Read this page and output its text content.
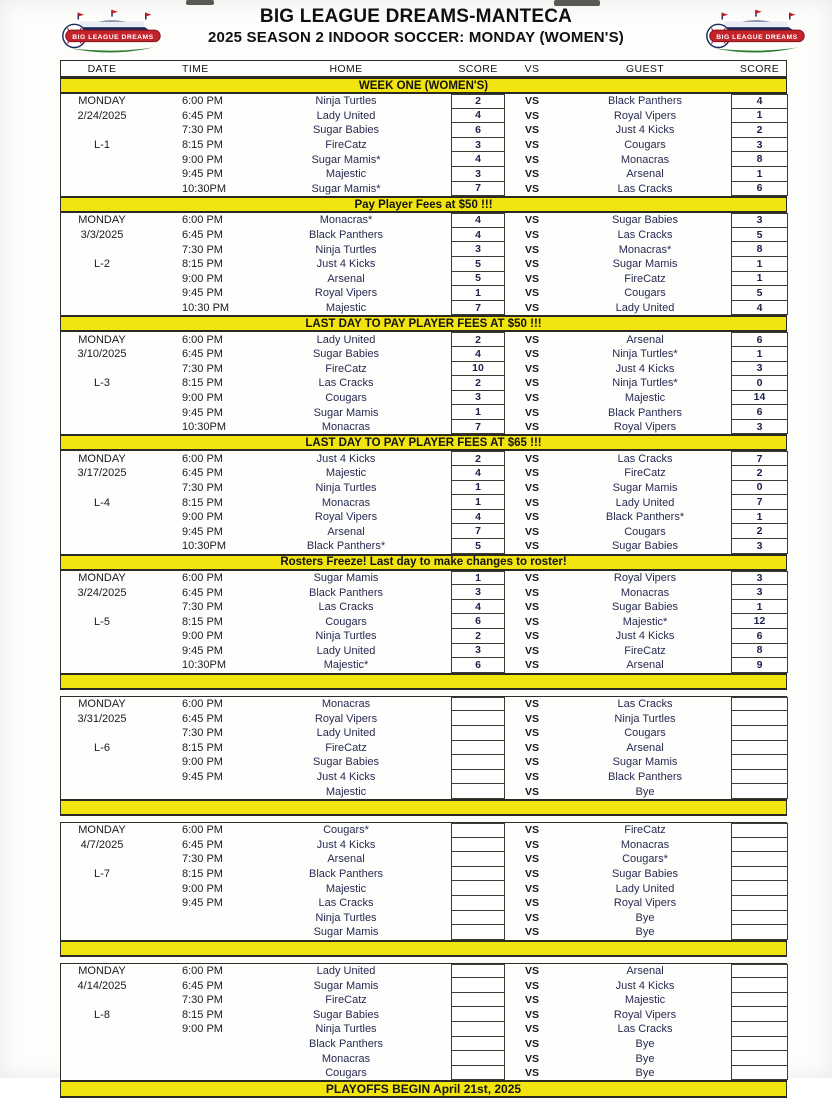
BIG LEAGUE DREAMS
BIG LEAGUE DREAMS-MANTECA
2025 SEASON 2 INDOOR SOCCER: MONDAY (WOMEN'S)	BIG LEAGUE DREAMS
DATE	TIME	HOME	SCORE	VS	GUEST	SCORE
WEEK ONE (WOMEN'S)
MONDAY	6:00 PM	Ninja Turtles	2	VS	Black Panthers	4
2/24/2025	6:45 PM	Lady United	4	VS	Royal Vipers	1
7:30 PM	Sugar Babies	6	VS	Just 4 Kicks	2
L-1	8:15 PM	FireCatz	3	VS	Cougars	3
9:00 PM	Sugar Mamis*	4	VS	Monacras	8
9:45 PM	Majestic	3	VS	Arsenal	1
10:30PM	Sugar Mamis*	7	VS	Las Cracks	6
Pay Player Fees at $50 !!!
MONDAY	6:00 PM	Monacras*	4	VS	Sugar Babies	3
3/3/2025	6:45 PM	Black Panthers	4	VS	Las Cracks	5
7:30 PM	Ninja Turtles	3	VS	Monacras*	8
L-2	8:15 PM	Just 4 Kicks	5	VS	Sugar Mamis	1
9:00 PM	Arsenal	5	VS	FireCatz	1
9:45 PM	Royal Vipers	1	VS	Cougars	5
10:30 PM	Majestic	7	VS	Lady United	4
LAST DAY TO PAY PLAYER FEES AT $50 !!!
MONDAY	6:00 PM	Lady United	2	VS	Arsenal	6
3/10/2025	6:45 PM	Sugar Babies	4	VS	Ninja Turtles*	1
7:30 PM	FireCatz	10	VS	Just 4 Kicks	3
L-3	8:15 PM	Las Cracks	2	VS	Ninja Turtles*	0
9:00 PM	Cougars	3	VS	Majestic	14
9:45 PM	Sugar Mamis	1	VS	Black Panthers	6
10:30PM	Monacras	7	VS	Royal Vipers	3
LAST DAY TO PAY PLAYER FEES AT $65 !!!
MONDAY	6:00 PM	Just 4 Kicks	2	VS	Las Cracks	7
3/17/2025	6:45 PM	Majestic	4	VS	FireCatz	2
7:30 PM	Ninja Turtles	1	VS	Sugar Mamis	0
L-4	8:15 PM	Monacras	1	VS	Lady United	7
9:00 PM	Royal Vipers	4	VS	Black Panthers*	1
9:45 PM	Arsenal	7	VS	Cougars	2
10:30PM	Black Panthers*	5	VS	Sugar Babies	3
Rosters Freeze! Last day to make changes to roster!
MONDAY	6:00 PM	Sugar Mamis	1	VS	Royal Vipers	3
3/24/2025	6:45 PM	Black Panthers	3	VS	Monacras	3
7:30 PM	Las Cracks	4	VS	Sugar Babies	1
L-5	8:15 PM	Cougars	6	VS	Majestic*	12
9:00 PM	Ninja Turtles	2	VS	Just 4 Kicks	6
9:45 PM	Lady United	3	VS	FireCatz	8
10:30PM	Majestic*	6	VS	Arsenal	9
MONDAY	6:00 PM	Monacras	VS	Las Cracks
3/31/2025	6:45 PM	Royal Vipers	VS	Ninja Turtles
7:30 PM	Lady United	VS	Cougars
L-6	8:15 PM	FireCatz	VS	Arsenal
9:00 PM	Sugar Babies	VS	Sugar Mamis
9:45 PM	Just 4 Kicks	VS	Black Panthers
Majestic	VS	Bye
MONDAY	6:00 PM	Cougars*	VS	FireCatz
4/7/2025	6:45 PM	Just 4 Kicks	VS	Monacras
7:30 PM	Arsenal	VS	Cougars*
L-7	8:15 PM	Black Panthers	VS	Sugar Babies
9:00 PM	Majestic	VS	Lady United
9:45 PM	Las Cracks	VS	Royal Vipers
Ninja Turtles	VS	Bye
Sugar Mamis	VS	Bye
MONDAY	6:00 PM	Lady United	VS	Arsenal
4/14/2025	6:45 PM	Sugar Mamis	VS	Just 4 Kicks
7:30 PM	FireCatz	VS	Majestic
L-8	8:15 PM	Sugar Babies	VS	Royal Vipers
9:00 PM	Ninja Turtles	VS	Las Cracks
Black Panthers	VS	Bye
Monacras	VS	Bye
Cougars	VS	Bye
PLAYOFFS BEGIN April 21st, 2025
